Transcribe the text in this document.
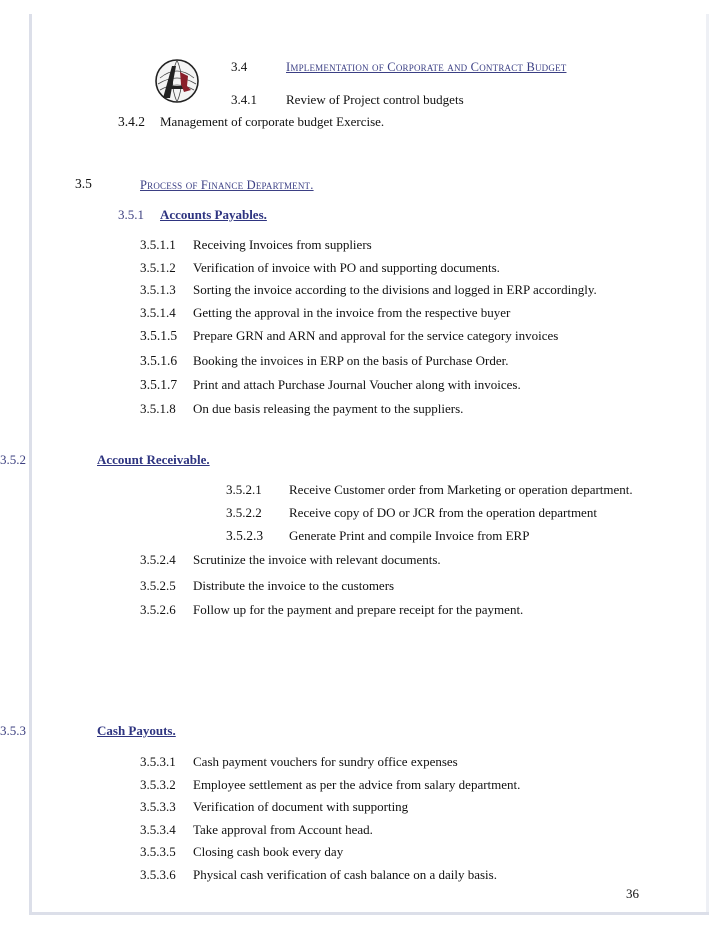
3.4	Implementation of Corporate and Contract Budget
3.4.1 Review of Project control budgets
3.4.2 Management of corporate budget Exercise.
3.5	Process of Finance Department.
3.5.1 Accounts Payables.
3.5.1.1 Receiving Invoices from suppliers
3.5.1.2 Verification of invoice with PO and supporting documents.
3.5.1.3 Sorting the invoice according to the divisions and logged in ERP accordingly.
3.5.1.4 Getting the approval in the invoice from the respective buyer
3.5.1.5 Prepare GRN and ARN and approval for the service category invoices
3.5.1.6 Booking the invoices in ERP on the basis of Purchase Order.
3.5.1.7 Print and attach Purchase Journal Voucher along with invoices.
3.5.1.8 On due basis releasing the payment to the suppliers.
3.5.2	Account Receivable.
3.5.2.1 Receive Customer order from Marketing or operation department.
3.5.2.2 Receive copy of DO or JCR from the operation department
3.5.2.3 Generate Print and compile Invoice from ERP
3.5.2.4 Scrutinize the invoice with relevant documents.
3.5.2.5 Distribute the invoice to the customers
3.5.2.6 Follow up for the payment and prepare receipt for the payment.
3.5.3	Cash Payouts.
3.5.3.1 Cash payment vouchers for sundry office expenses
3.5.3.2 Employee settlement as per the advice from salary department.
3.5.3.3 Verification of document with supporting
3.5.3.4 Take approval from Account head.
3.5.3.5 Closing cash book every day
3.5.3.6 Physical cash verification of cash balance on a daily basis.
36
